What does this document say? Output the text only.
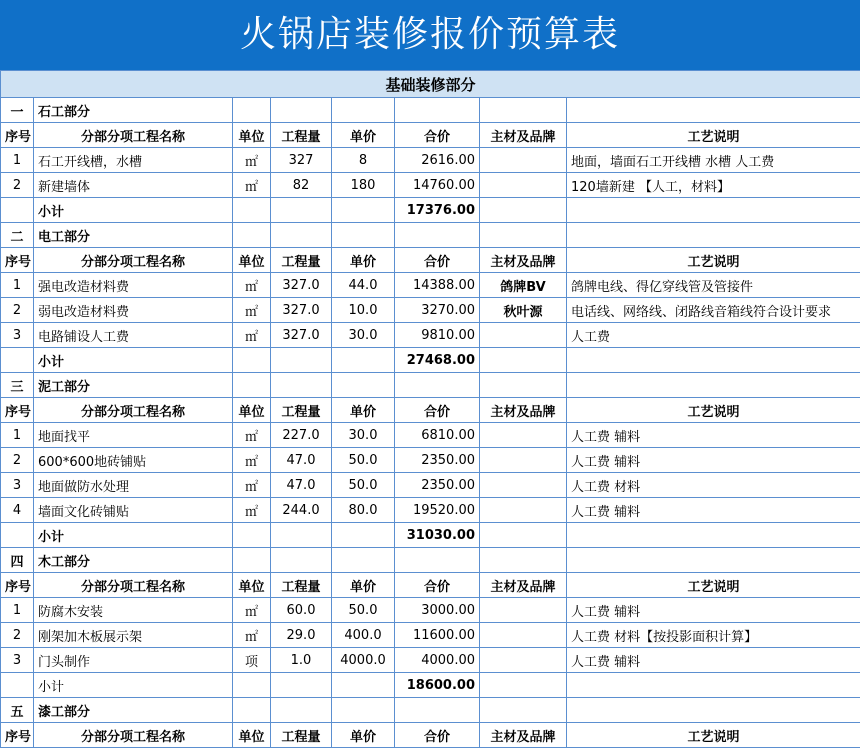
火锅店装修报价预算表
基础装修部分							
一	石工部分						
序号	分部分项工程名称	单位	工程量	单价	合价	主材及品牌	工艺说明
1	石工开线槽，水槽	㎡	327	8	2616.00		地面，墙面石工开线槽 水槽 人工费
2	新建墙体	㎡	82	180	14760.00		120墙新建 【人工，材料】
	小计				17376.00		
二	电工部分						
序号	分部分项工程名称	单位	工程量	单价	合价	主材及品牌	工艺说明
1	强电改造材料费	㎡	327.0	44.0	14388.00	鸽牌BV	鸽牌电线、得亿穿线管及管接件
2	弱电改造材料费	㎡	327.0	10.0	3270.00	秋叶源	电话线、网络线、闭路线音箱线符合设计要求
3	电路铺设人工费	㎡	327.0	30.0	9810.00		人工费
	小计				27468.00		
三	泥工部分						
序号	分部分项工程名称	单位	工程量	单价	合价	主材及品牌	工艺说明
1	地面找平	㎡	227.0	30.0	6810.00		人工费 辅料
2	600*600地砖铺贴	㎡	47.0	50.0	2350.00		人工费 辅料
3	地面做防水处理	㎡	47.0	50.0	2350.00		人工费 材料
4	墙面文化砖铺贴	㎡	244.0	80.0	19520.00		人工费 辅料
	小计				31030.00		
四	木工部分						
序号	分部分项工程名称	单位	工程量	单价	合价	主材及品牌	工艺说明
1	防腐木安装	㎡	60.0	50.0	3000.00		人工费 辅料
2	刚架加木板展示架	㎡	29.0	400.0	11600.00		人工费 材料【按投影面积计算】
3	门头制作	项	1.0	4000.0	4000.00		人工费 辅料
	小计				18600.00		
五	漆工部分						
序号	分部分项工程名称	单位	工程量	单价	合价	主材及品牌	工艺说明
